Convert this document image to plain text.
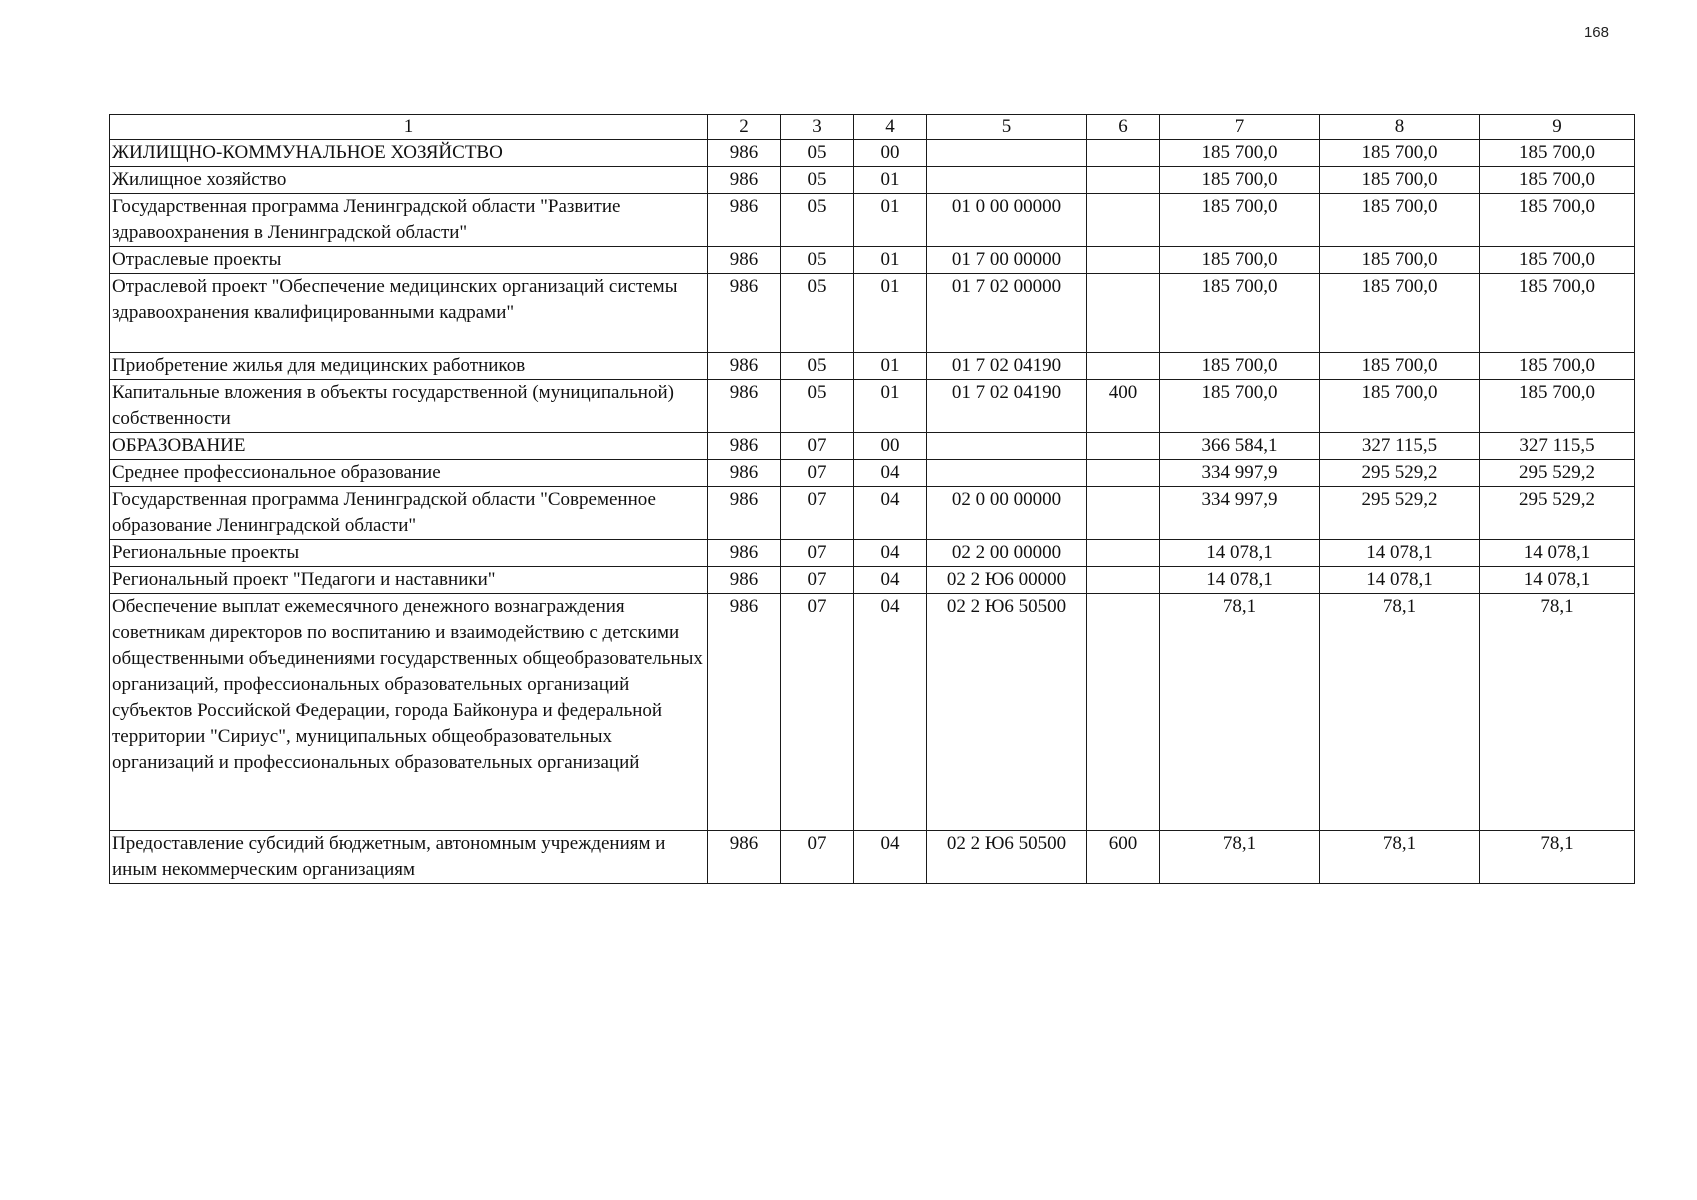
168
1	2	3	4	5	6	7	8	9
ЖИЛИЩНО-КОММУНАЛЬНОЕ ХОЗЯЙСТВО	986	05	00			185 700,0	185 700,0	185 700,0
Жилищное хозяйство	986	05	01			185 700,0	185 700,0	185 700,0
Государственная программа Ленинградской области "Развитие здравоохранения в Ленинградской области"	986	05	01	01 0 00 00000		185 700,0	185 700,0	185 700,0
Отраслевые проекты	986	05	01	01 7 00 00000		185 700,0	185 700,0	185 700,0
Отраслевой проект "Обеспечение медицинских организаций системы здравоохранения квалифицированными кадрами"	986	05	01	01 7 02 00000		185 700,0	185 700,0	185 700,0
Приобретение жилья для медицинских работников	986	05	01	01 7 02 04190		185 700,0	185 700,0	185 700,0
Капитальные вложения в объекты государственной (муниципальной) собственности	986	05	01	01 7 02 04190	400	185 700,0	185 700,0	185 700,0
ОБРАЗОВАНИЕ	986	07	00			366 584,1	327 115,5	327 115,5
Среднее профессиональное образование	986	07	04			334 997,9	295 529,2	295 529,2
Государственная программа Ленинградской области "Современное образование Ленинградской области"	986	07	04	02 0 00 00000		334 997,9	295 529,2	295 529,2
Региональные проекты	986	07	04	02 2 00 00000		14 078,1	14 078,1	14 078,1
Региональный проект "Педагоги и наставники"	986	07	04	02 2 Ю6 00000		14 078,1	14 078,1	14 078,1
Обеспечение выплат ежемесячного денежного вознаграждения советникам директоров по воспитанию и взаимодействию с детскими общественными объединениями государственных общеобразовательных организаций, профессиональных образовательных организаций субъектов Российской Федерации, города Байконура и федеральной территории "Сириус", муниципальных общеобразовательных организаций и профессиональных образовательных организаций	986	07	04	02 2 Ю6 50500		78,1	78,1	78,1
Предоставление субсидий бюджетным, автономным учреждениям и иным некоммерческим организациям	986	07	04	02 2 Ю6 50500	600	78,1	78,1	78,1
